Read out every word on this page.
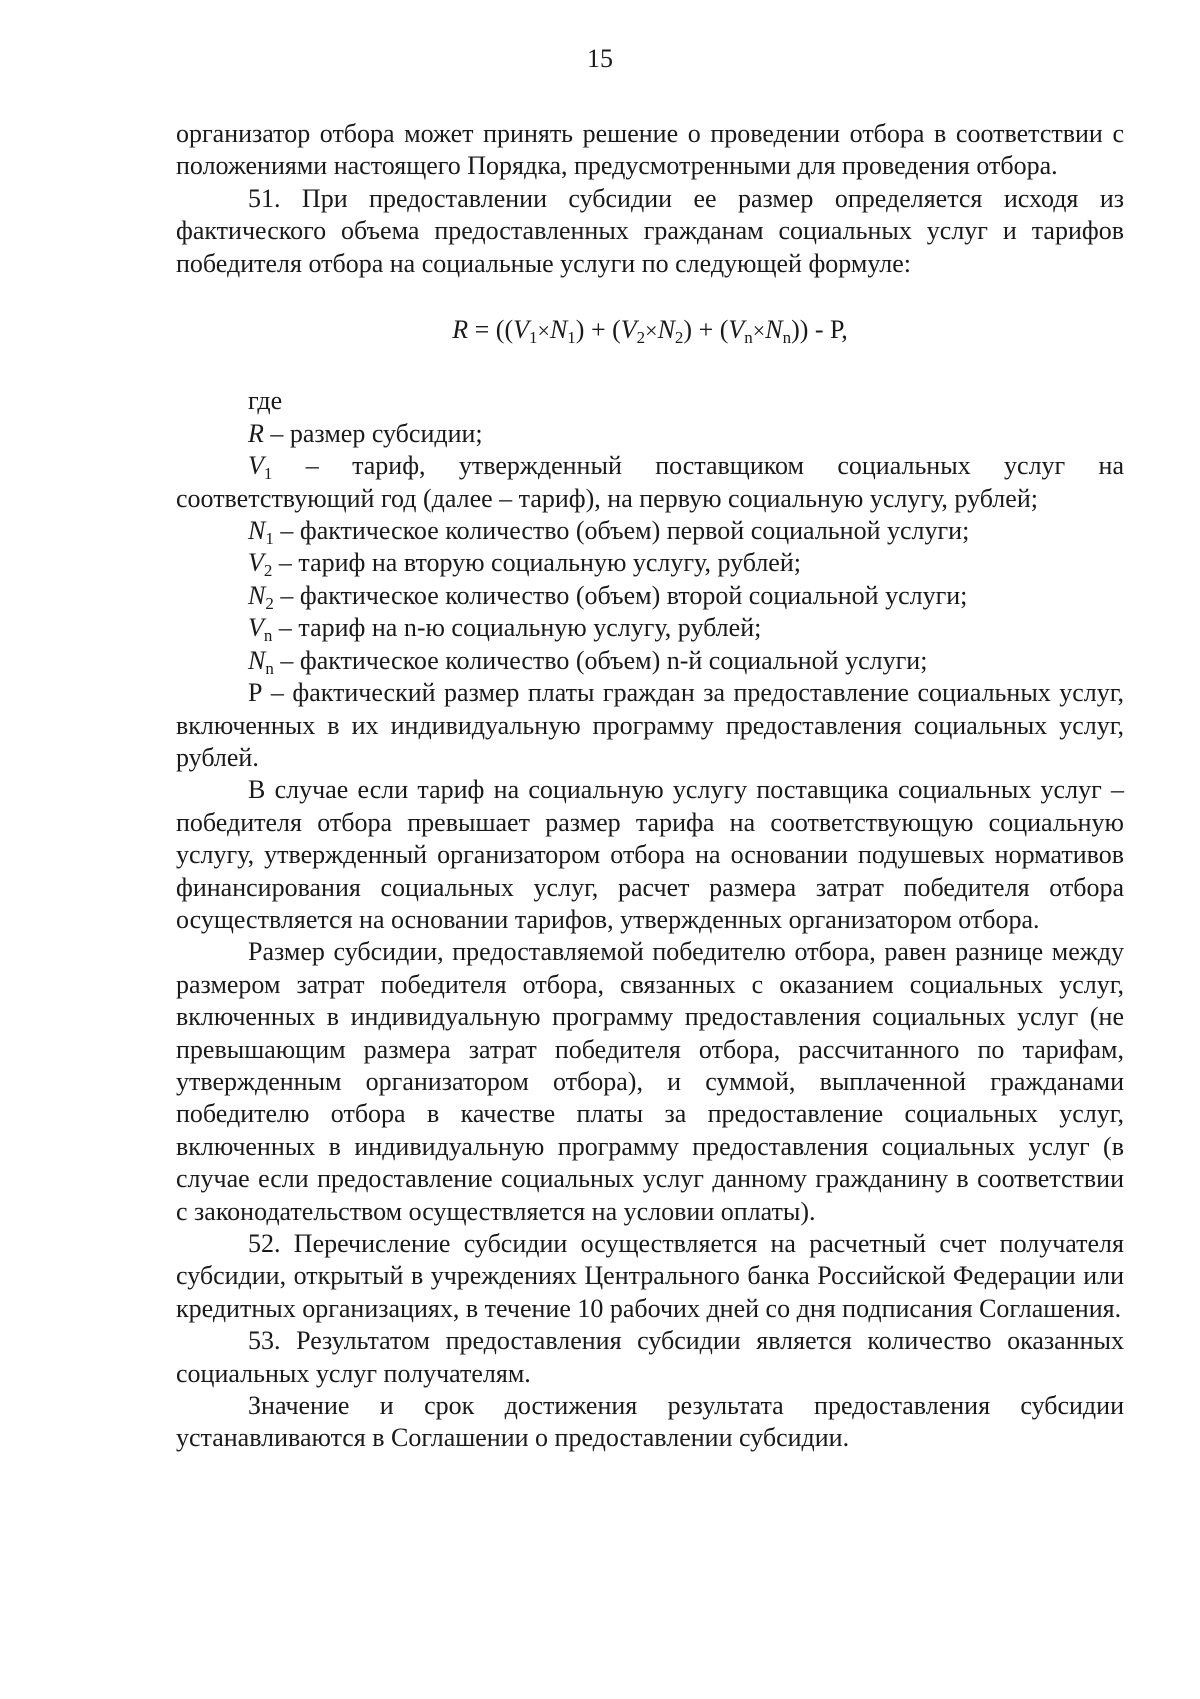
15

организатор отбора может принять решение о проведении отбора в соответствии с положениями настоящего Порядка, предусмотренными для проведения отбора.

51. При предоставлении субсидии ее размер определяется исходя из фактического объема предоставленных гражданам социальных услуг и тарифов победителя отбора на социальные услуги по следующей формуле:

$R = ((V_1\times N_1) + (V_2\times N_2) + (V_n\times N_n)) - Р$,

где

R – размер субсидии;

$V_1$ – тариф, утвержденный поставщиком социальных услуг на соответствующий год (далее – тариф), на первую социальную услугу, рублей;

$N_1$ – фактическое количество (объем) первой социальной услуги;

$V_2$ – тариф на вторую социальную услугу, рублей;

$N_2$ – фактическое количество (объем) второй социальной услуги;

$V_n$ – тариф на n-ю социальную услугу, рублей;

$N_n$ – фактическое количество (объем) n-й социальной услуги;

Р – фактический размер платы граждан за предоставление социальных услуг, включенных в их индивидуальную программу предоставления социальных услуг, рублей.

В случае если тариф на социальную услугу поставщика социальных услуг – победителя отбора превышает размер тарифа на соответствующую социальную услугу, утвержденный организатором отбора на основании подушевых нормативов финансирования социальных услуг, расчет размера затрат победителя отбора осуществляется на основании тарифов, утвержденных организатором отбора.

Размер субсидии, предоставляемой победителю отбора, равен разнице между размером затрат победителя отбора, связанных с оказанием социальных услуг, включенных в индивидуальную программу предоставления социальных услуг (не превышающим размера затрат победителя отбора, рассчитанного по тарифам, утвержденным организатором отбора), и суммой, выплаченной гражданами победителю отбора в качестве платы за предоставление социальных услуг, включенных в индивидуальную программу предоставления социальных услуг (в случае если предоставление социальных услуг данному гражданину в соответствии с законодательством осуществляется на условии оплаты).

52. Перечисление субсидии осуществляется на расчетный счет получателя субсидии, открытый в учреждениях Центрального банка Российской Федерации или кредитных организациях, в течение 10 рабочих дней со дня подписания Соглашения.

53. Результатом предоставления субсидии является количество оказанных социальных услуг получателям.

Значение и срок достижения результата предоставления субсидии устанавливаются в Соглашении о предоставлении субсидии.
